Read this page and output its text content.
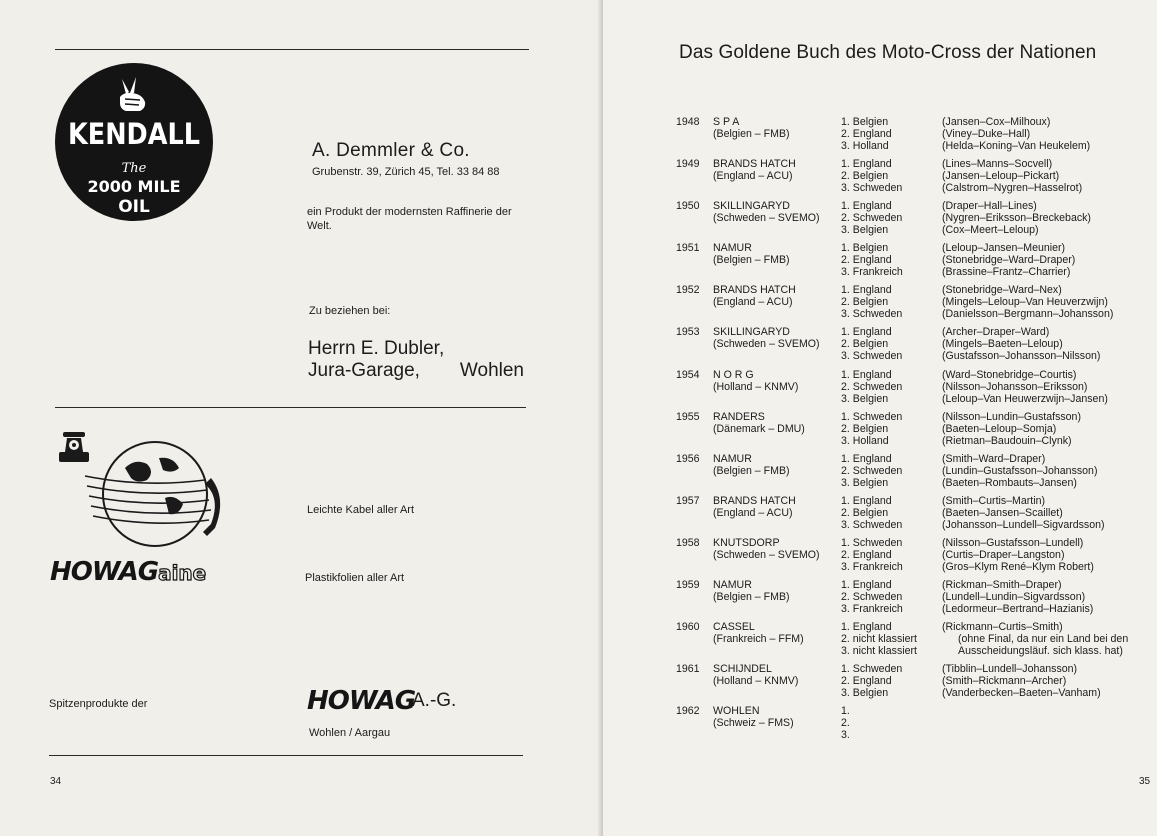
KENDALL
The
2000 MILE
OIL
A. Demmler & Co.
Grubenstr. 39, Zürich 45, Tel. 33 84 88
ein Produkt der modernsten Raffinerie der Welt.
Zu beziehen bei:
Herrn E. Dubler,
Jura-Garage, Wohlen
Leichte Kabel aller Art
HOWAGaine	Plastikfolien aller Art
Spitzenprodukte der	HOWAG
A.-G.
Wohlen / Aargau
34
Das Goldene Buch des Moto-Cross der Nationen
1948 S P A
(Belgien – FMB)
1. Belgien
2. England
3. Holland
(Jansen–Cox–Milhoux)
(Viney–Duke–Hall)
(Helda–Koning–Van Heukelem)
1949 BRANDS HATCH
(England – ACU)
1. England
2. Belgien
3. Schweden
(Lines–Manns–Socvell)
(Jansen–Leloup–Pickart)
(Calstrom–Nygren–Hasselrot)
1950 SKILLINGARYD
(Schweden – SVEMO)
1. England
2. Schweden
3. Belgien
(Draper–Hall–Lines)
(Nygren–Eriksson–Breckeback)
(Cox–Meert–Leloup)
1951 NAMUR
(Belgien – FMB)
1. Belgien
2. England
3. Frankreich
(Leloup–Jansen–Meunier)
(Stonebridge–Ward–Draper)
(Brassine–Frantz–Charrier)
1952 BRANDS HATCH
(England – ACU)
1. England
2. Belgien
3. Schweden
(Stonebridge–Ward–Nex)
(Mingels–Leloup–Van Heuverzwijn)
(Danielsson–Bergmann–Johansson)
1953 SKILLINGARYD
(Schweden – SVEMO)
1. England
2. Belgien
3. Schweden
(Archer–Draper–Ward)
(Mingels–Baeten–Leloup)
(Gustafsson–Johansson–Nilsson)
1954 N O R G
(Holland – KNMV)
1. England
2. Schweden
3. Belgien
(Ward–Stonebridge–Courtis)
(Nilsson–Johansson–Eriksson)
(Leloup–Van Heuwerzwijn–Jansen)
1955 RANDERS
(Dänemark – DMU)
1. Schweden
2. Belgien
3. Holland
(Nilsson–Lundin–Gustafsson)
(Baeten–Leloup–Somja)
(Rietman–Baudouin–Clynk)
1956 NAMUR
(Belgien – FMB)
1. England
2. Schweden
3. Belgien
(Smith–Ward–Draper)
(Lundin–Gustafsson–Johansson)
(Baeten–Rombauts–Jansen)
1957 BRANDS HATCH
(England – ACU)
1. England
2. Belgien
3. Schweden
(Smith–Curtis–Martin)
(Baeten–Jansen–Scaillet)
(Johansson–Lundell–Sigvardsson)
1958 KNUTSDORP
(Schweden – SVEMO)
1. Schweden
2. England
3. Frankreich
(Nilsson–Gustafsson–Lundell)
(Curtis–Draper–Langston)
(Gros–Klym René–Klym Robert)
1959 NAMUR
(Belgien – FMB)
1. England
2. Schweden
3. Frankreich
(Rickman–Smith–Draper)
(Lundell–Lundin–Sigvardsson)
(Ledormeur–Bertrand–Hazianis)
1960 CASSEL
(Frankreich – FFM)
1. England
2. nicht klassiert
3. nicht klassiert
(Rickmann–Curtis–Smith)
(ohne Final, da nur ein Land bei den
Ausscheidungsläuf. sich klass. hat)
1961 SCHIJNDEL
(Holland – KNMV)
1. Schweden
2. England
3. Belgien
(Tibblin–Lundell–Johansson)
(Smith–Rickmann–Archer)
(Vanderbecken–Baeten–Vanham)
1962 WOHLEN
(Schweiz – FMS)
1.
2.
3.
35
